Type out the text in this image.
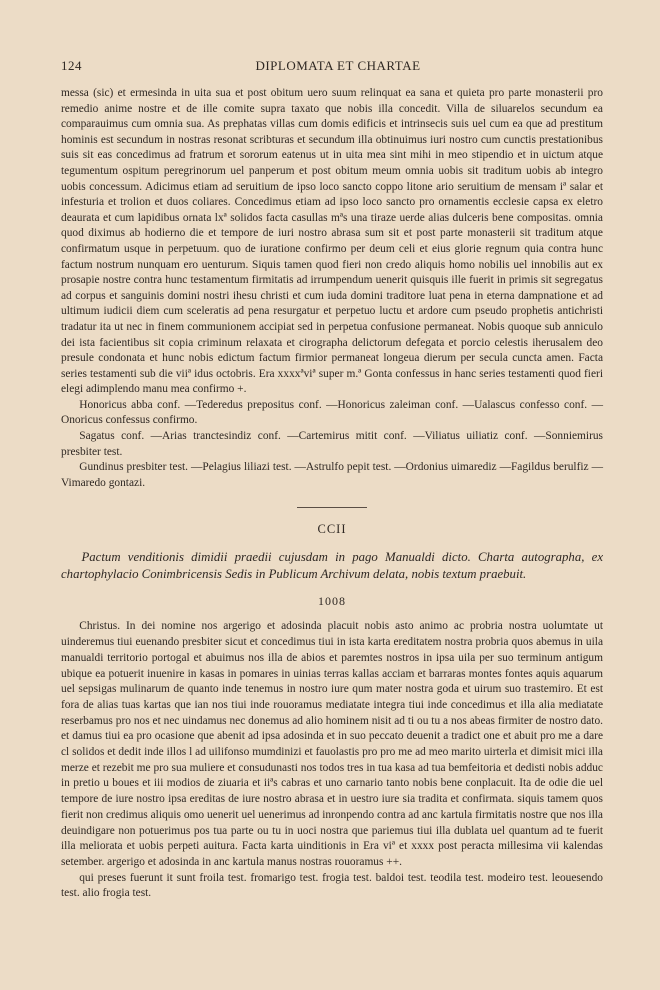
124	DIPLOMATA ET CHARTAE

messa (sic) et ermesinda in uita sua et post obitum uero suum relinquat ea sana et quieta pro parte monasterii pro remedio anime nostre et de ille comite supra taxato que nobis illa concedit. Villa de siluarelos secundum ea comparauimus cum omnia sua. As prephatas villas cum domis edificis et intrinsecis suis uel cum ea que ad prestitum hominis est secundum in nostras resonat scribturas et secundum illa obtinuimus iuri nostro cum cunctis prestationibus suis sit eas concedimus ad fratrum et sororum eatenus ut in uita mea sint mihi in meo stipendio et in uictum atque tegumentum ospitum peregrinorum uel panperum et post obitum meum omnia uobis sit traditum uobis ab integro uobis concessum. Adicimus etiam ad seruitium de ipso loco sancto coppo litone ario seruitium de mensam iª salar et infesturia et trolion et duos coliares. Concedimus etiam ad ipso loco sancto pro ornamentis ecclesie capsa ex eletro deaurata et cum lapidibus ornata lxª solidos facta casullas mªs una tiraze uerde alias dulceris bene compositas. omnia quod diximus ab hodierno die et tempore de iuri nostro abrasa sum sit et post parte monasterii sit traditum atque confirmatum usque in perpetuum. quo de iuratione confirmo per deum celi et eius glorie regnum quia contra hunc factum nostrum nunquam ero uenturum. Siquis tamen quod fieri non credo aliquis homo nobilis uel innobilis aut ex prosapie nostre contra hunc testamentum firmitatis ad irrumpendum uenerit quisquis ille fuerit in primis sit segregatus ad corpus et sanguinis domini nostri ihesu christi et cum iuda domini traditore luat pena in eterna dampnatione et ad ultimum iudicii diem cum sceleratis ad pena resurgatur et perpetuo luctu et ardore cum pseudo prophetis antichristi tradatur ita ut nec in finem communionem accipiat sed in perpetua confusione permaneat. Nobis quoque sub anniculo dei ista facientibus sit copia criminum relaxata et cirographa delictorum defegata et porcio celestis iherusalem deo presule condonata et hunc nobis edictum factum firmior permaneat longeua dierum per secula cuncta amen. Facta series testamenti sub die viiª idus octobris. Era xxxxªviª super m.ª Gonta confessus in hanc series testamenti quod fieri elegi adimplendo manu mea confirmo +.

Honoricus abba conf. —Tederedus prepositus conf. —Honoricus zaleiman conf. —Ualascus confesso conf. —Onoricus confessus confirmo.

Sagatus conf. —Arias tranctesindiz conf. —Cartemirus mitit conf. —Viliatus uiliatiz conf. —Sonniemirus presbiter test.

Gundinus presbiter test. —Pelagius liliazi test. —Astrulfo pepit test. —Ordonius uimarediz —Fagildus berulfiz —Vimaredo gontazi.

CCII

Pactum venditionis dimidii praedii cujusdam in pago Manualdi dicto. Charta autographa, ex chartophylacio Conimbricensis Sedis in Publicum Archivum delata, nobis textum praebuit.

1008

Christus. In dei nomine nos argerigo et adosinda placuit nobis asto animo ac probria nostra uolumtate ut uinderemus tiui euenando presbiter sicut et concedimus tiui in ista karta ereditatem nostra probria quos abemus in uila manualdi territorio portogal et abuimus nos illa de abios et paremtes nostros in ipsa uila per suo terminum antigum ubique ea potuerit inuenire in kasas in pomares in uinias terras kallas acciam et barraras montes fontes aquis aquarum uel sepsigas mulinarum de quanto inde tenemus in nostro iure qum mater nostra goda et uirum suo trastemiro. Et est fora de alias tuas kartas que ian nos tiui inde rouoramus mediatate integra tiui inde concedimus et illa alia mediatate reserbamus pro nos et nec uindamus nec donemus ad alio hominem nisit ad ti ou tu a nos abeas firmiter de nostro dato. et damus tiui ea pro ocasione que abenit ad ipsa adosinda et in suo peccato deuenit a tradict one et abuit pro me a dare cl solidos et dedit inde illos l ad uilifonso mumdinizi et fauolastis pro pro me ad meo marito uirterla et dimisit mici illa merze et rezebit me pro sua muliere et consudunasti nos todos tres in tua kasa ad tua bemfeitoria et dedisti nobis adduc in pretio u boues et iii modios de ziuaria et iiªs cabras et uno carnario tanto nobis bene conplacuit. Ita de odie die uel tempore de iure nostro ipsa ereditas de iure nostro abrasa et in uestro iure sia tradita et confirmata. siquis tamem quos fierit non credimus aliquis omo uenerit uel uenerimus ad inronpendo contra ad anc kartula firmitatis nostre que nos illa deuindigare non potuerimus pos tua parte ou tu in uoci nostra que pariemus tiui illa dublata uel quantum ad te fuerit illa meliorata et uobis perpeti auitura. Facta karta uinditionis in Era viª et xxxx post peracta millesima vii kalendas setember. argerigo et adosinda in anc kartula manus nostras rouoramus ++.

qui preses fuerunt it sunt froila test. fromarigo test. frogia test. baldoi test. teodila test. modeiro test. leouesendo test. alio frogia test.
